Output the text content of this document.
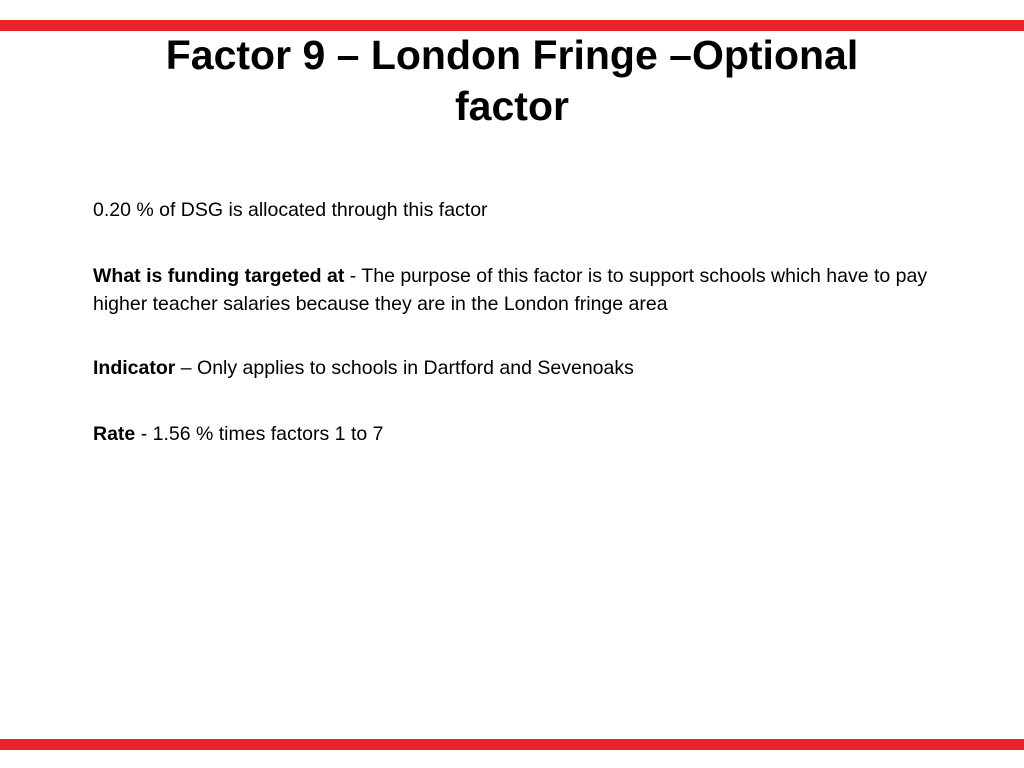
Factor 9 – London Fringe –Optional
factor

0.20 % of DSG is allocated through this factor

What is funding targeted at - The purpose of this factor is to support schools which have to pay higher teacher salaries because they are in the London fringe area

Indicator – Only applies to schools in Dartford and Sevenoaks

Rate - 1.56 % times factors 1 to 7
